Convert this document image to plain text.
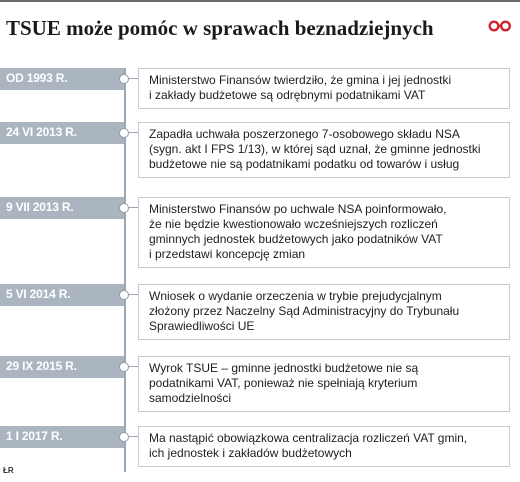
TSUE może pomóc w sprawach beznadziejnych
OD 1993 R.	Ministerstwo Finansów twierdziło, że gmina i jej jednostki

i zakłady budżetowe są odrębnymi podatnikami VAT

24 VI 2013 R.	Zapadła uchwała poszerzonego 7-osobowego składu NSA

(sygn. akt I FPS 1/13), w której sąd uznał, że gminne jednostki

budżetowe nie są podatnikami podatku od towarów i usług

9 VII 2013 R.	Ministerstwo Finansów po uchwale NSA poinformowało,

że nie będzie kwestionowało wcześniejszych rozliczeń

gminnych jednostek budżetowych jako podatników VAT

i przedstawi koncepcję zmian

5 VI 2014 R.	Wniosek o wydanie orzeczenia w trybie prejudycjalnym

złożony przez Naczelny Sąd Administracyjny do Trybunału

Sprawiedliwości UE

29 IX 2015 R.	Wyrok TSUE – gminne jednostki budżetowe nie są

podatnikami VAT, ponieważ nie spełniają kryterium

samodzielności

1 I 2017 R.	Ma nastąpić obowiązkowa centralizacja rozliczeń VAT gmin,

ich jednostek i zakładów budżetowych

ŁR
